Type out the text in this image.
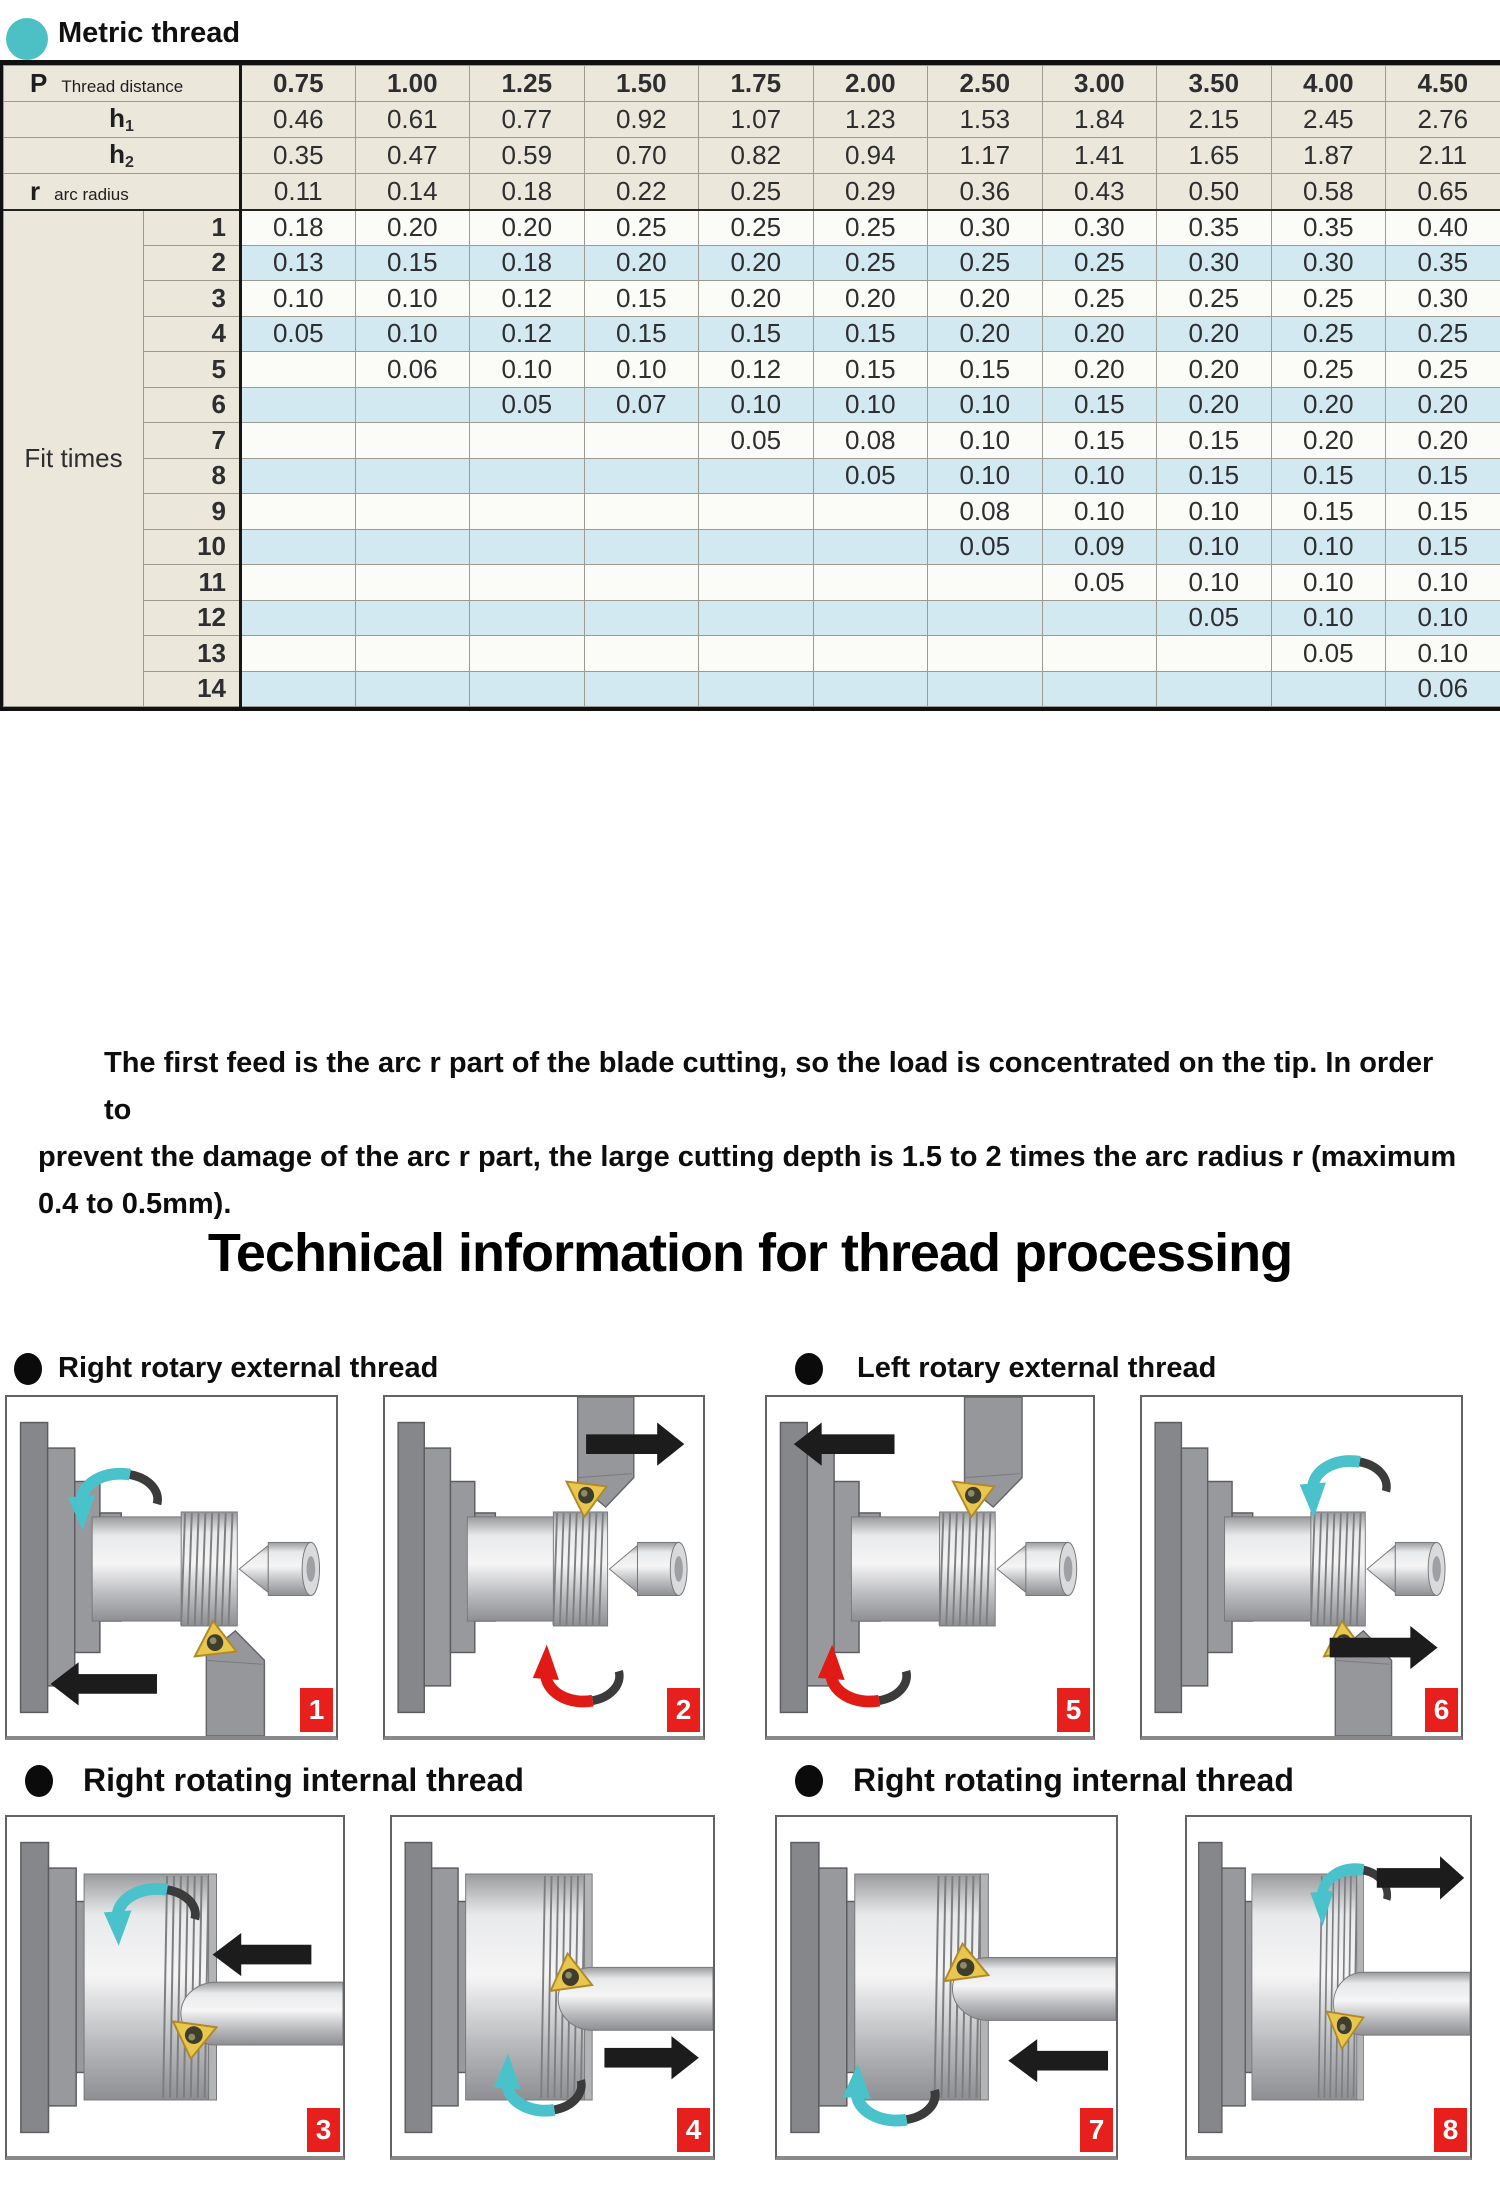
Metric thread
P Thread distance		0.75	1.00	1.25	1.50	1.75	2.00	2.50	3.00	3.50	4.00	4.50
h1		0.46	0.61	0.77	0.92	1.07	1.23	1.53	1.84	2.15	2.45	2.76
h2		0.35	0.47	0.59	0.70	0.82	0.94	1.17	1.41	1.65	1.87	2.11
r arc radius		0.11	0.14	0.18	0.22	0.25	0.29	0.36	0.43	0.50	0.58	0.65
Fit times	1	0.18	0.20	0.20	0.25	0.25	0.25	0.30	0.30	0.35	0.35	0.40
	2	0.13	0.15	0.18	0.20	0.20	0.25	0.25	0.25	0.30	0.30	0.35
	3	0.10	0.10	0.12	0.15	0.20	0.20	0.20	0.25	0.25	0.25	0.30
	4	0.05	0.10	0.12	0.15	0.15	0.15	0.20	0.20	0.20	0.25	0.25
	5		0.06	0.10	0.10	0.12	0.15	0.15	0.20	0.20	0.25	0.25
	6			0.05	0.07	0.10	0.10	0.10	0.15	0.20	0.20	0.20
	7					0.05	0.08	0.10	0.15	0.15	0.20	0.20
	8						0.05	0.10	0.10	0.15	0.15	0.15
	9							0.08	0.10	0.10	0.15	0.15
	10							0.05	0.09	0.10	0.10	0.15
	11								0.05	0.10	0.10	0.10
	12									0.05	0.10	0.10
	13										0.05	0.10
	14											0.06
The first feed is the arc r part of the blade cutting, so the load is concentrated on the tip. In order to
prevent the damage of the arc r part, the large cutting depth is 1.5 to 2 times the arc radius r (maximum
0.4 to 0.5mm).
Technical information for thread processing
Right rotary external thread	Left rotary external thread
Right rotating internal thread	Right rotating internal thread
1	2	5	6
3	4	7	8
